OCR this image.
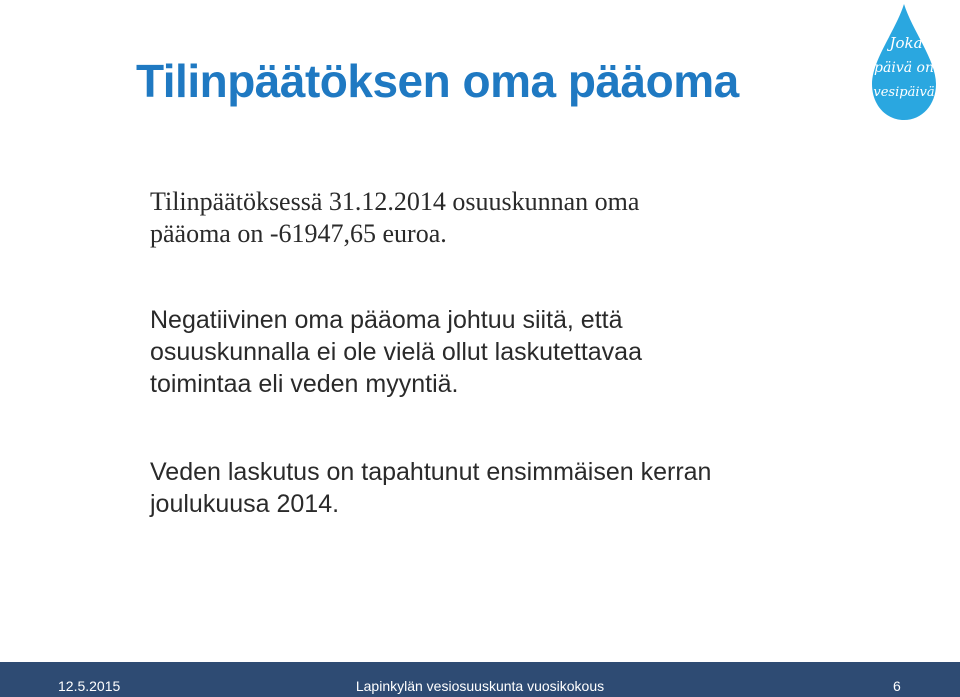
Tilinpäätöksen oma pääoma
Joka
päivä on
vesipäivä
Tilinpäätöksessä 31.12.2014 osuuskunnan oma
pääoma on -61947,65 euroa.
Negatiivinen oma pääoma johtuu siitä, että
osuuskunnalla ei ole vielä ollut laskutettavaa
toimintaa eli veden myyntiä.
Veden laskutus on tapahtunut ensimmäisen kerran
joulukuusa 2014.
12.5.2015	Lapinkylän vesiosuuskunta vuosikokous	6
